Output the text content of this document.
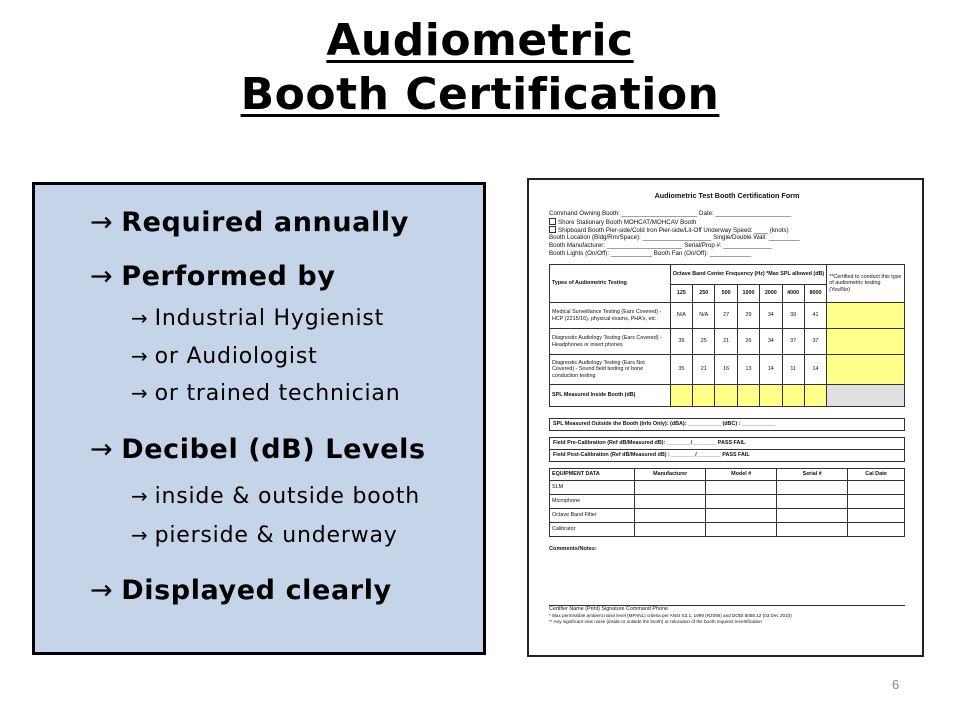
Audiometric
Booth Certification
→ Required annually
→ Performed by
→ Industrial Hygienist
→ or Audiologist
→ or trained technician
→ Decibel (dB) Levels
→ inside & outside booth
→ pierside & underway
→ Displayed clearly
Audiometric Test Booth Certification Form
Command Owning Booth: ______________________ Date: ______________________
Shore Stationary Booth MOHCAT/MOHCAV Booth
Shipboard Booth Pier-side/Cold Iron Pier-side/Lit-Off Underway Speed: ____ (knots)
Booth Location (Bldg/Rm/Space): ____________________ Single/Double Wall: _________
Booth Manufacturer: ______________________ Serial/Prop #: ______________
Booth Lights (On/Off): ____________ Booth Fan (On/Off): ____________
Types of Audiometric Testing	Octave Band Center Frequency (Hz) *Max SPL allowed (dB)							**Certified to conduct this type of audiometric testing (Yes/No)
	125	250	500	1000	2000	4000	8000	
Medical Surveillance Testing (Ears Covered) - HCP (2215/16), physical exams, PHA's, etc	N/A	N/A	27	29	34	39	41	
Diagnostic Audiology Testing (Ears Covered) - Headphones or insert phones	39	25	21	26	34	37	37	
Diagnostic Audiology Testing (Ears Not Covered) - Sound field testing or bone conduction testing	35	21	16	13	14	11	14	
SPL Measured Inside Booth (dB)								
SPL Measured Outside the Booth (Info Only): (dBA): ___________ (dBC) : ___________
Field Pre-Calibration (Ref dB/Measured dB): ________/________ PASS FAIL
Field Post-Calibration (Ref dB/Measured dB) : ________/________ PASS FAIL
EQUIPMENT DATA	Manufacturer	Model #	Serial #	Cal Date
SLM				
Microphone				
Octave Band Filter				
Calibrator				
Comments/Notes:
Certifier Name (Print) Signature Command Phone
* Max permissible ambient noise level (MPANL) criteria per ANSI S3.1, 1999 (R2008) and DODI 6055.12 (03 Dec 2010)
** Any significant new noise (inside or outside the booth) or relocation of the booth requires recertification
6
